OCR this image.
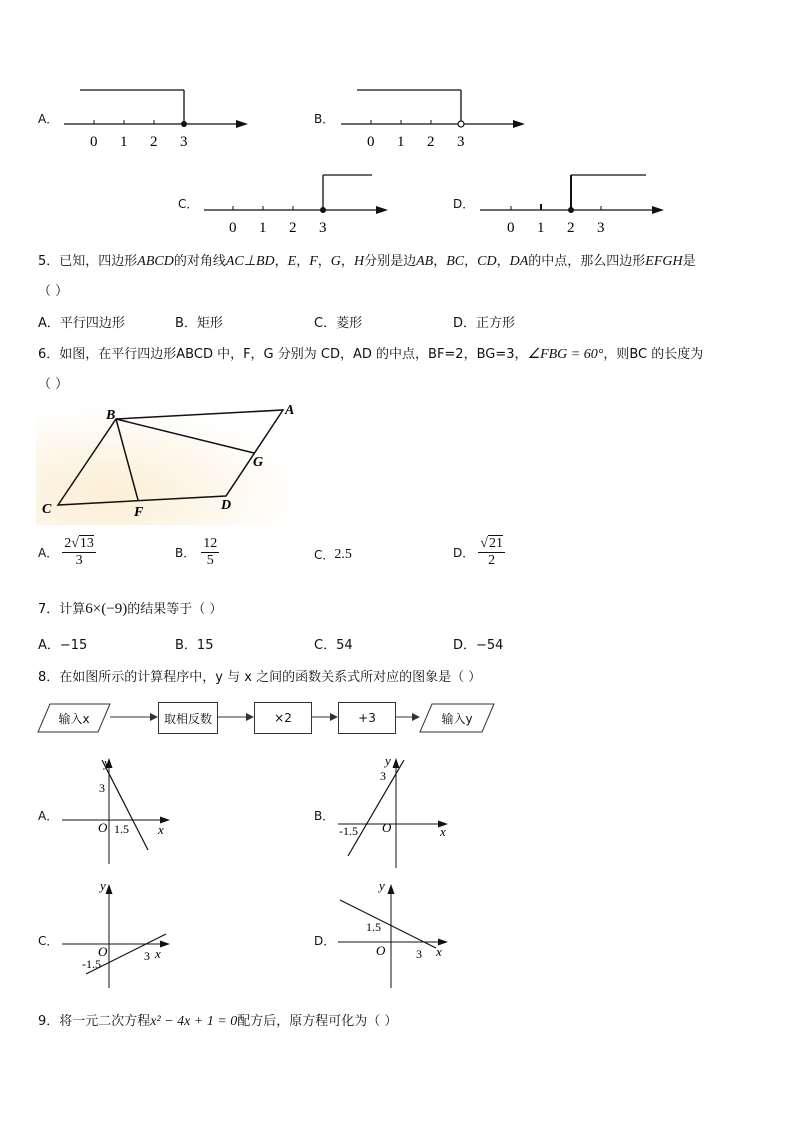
A．
0 1 2 3
B．
0 1 2 3
C．
0 1 2 3
D．
0 1 2 3
5．已知，四边形ABCD的对角线AC⊥BD，E，F，G，H分别是边AB，BC，CD，DA的中点，那么四边形EFGH是
（ ）
A．平行四边形	B．矩形	C．菱形	D．正方形
6．如图，在平行四边形ABCD 中，F，G 分别为 CD，AD 的中点，BF=2，BG=3，∠FBG = 60°，则BC 的长度为
（ ）
B	A
G
D
C	F
A． $\frac{2√13}{3}$	B． $\frac{12}{5}$	C． 2.5	D． $\frac{√21}{2}$
7．计算6×(−9)的结果等于（ ）
A．−15	B．15	C．54	D．−54
8．在如图所示的计算程序中，y 与 x 之间的函数关系式所对应的图象是（ ）
输入x	取相反数	×2	+3	输入y
A．
y
x
O
3
1.5
B．
y
x
O
3
-1.5
C．
y
x
O
-1.5
3
D．
y
x
O
1.5
3
9．将一元二次方程x² − 4x + 1 = 0配方后，原方程可化为（ ）
